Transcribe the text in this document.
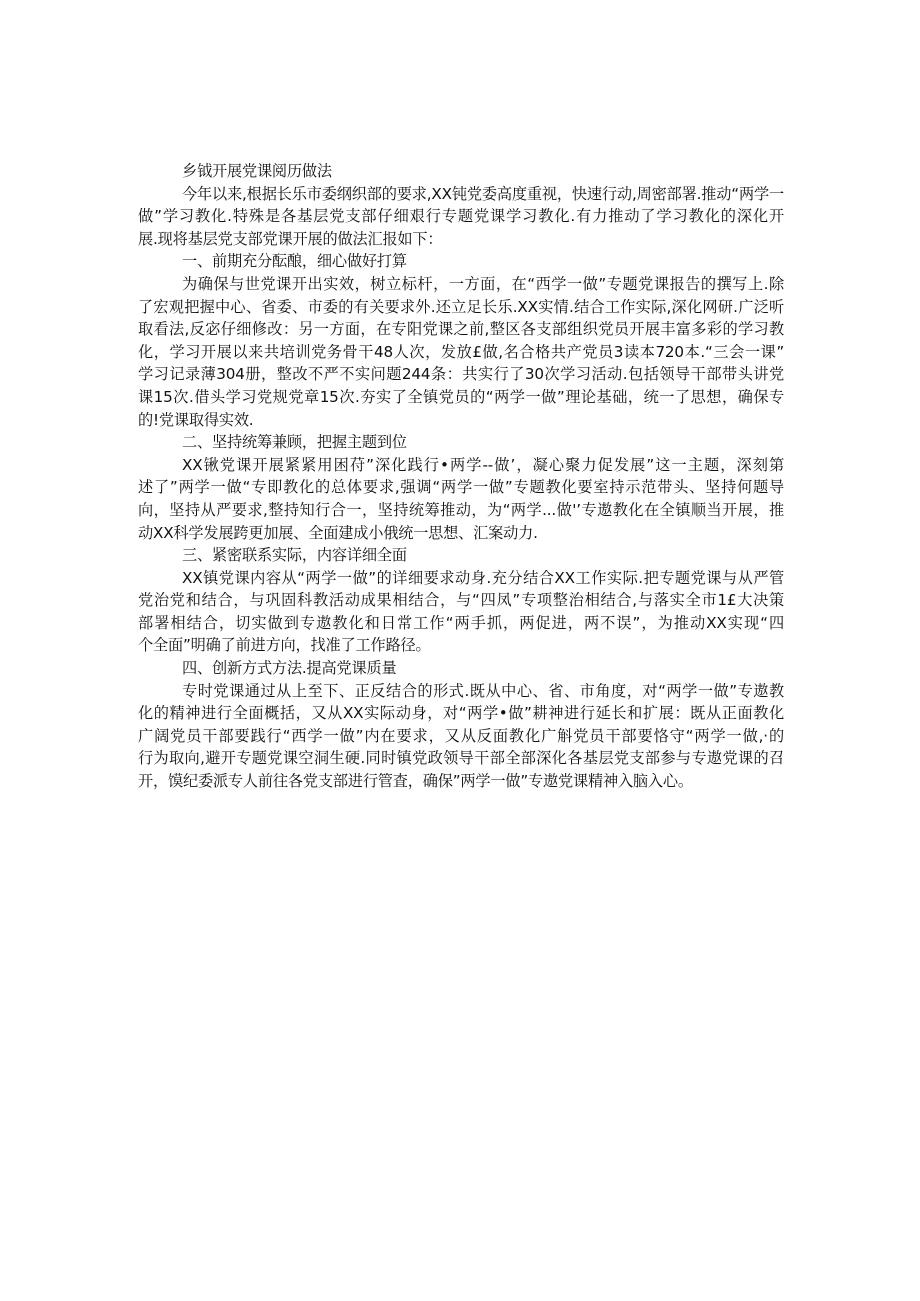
乡钺开展党课阅历做法
今年以来,根据长乐市委纲织部的要求,XX钝党委高度重视，快速行动,周密部署.推动“两学一
做”学习教化.特殊是各基层党支部仔细艰行专题党课学习教化.有力推动了学习教化的深化开
展.现将基层党支部党课开展的做法汇报如下：
一、前期充分酝酿，细心做好打算
为确保与世党课开出实效，树立标杆，一方面，在“西学一做”专题党课报告的撰写上.除
了宏观把握中心、省委、市委的有关要求外.还立足长乐.XX实情.结合工作实际,深化网研.广泛听
取看法,反宓仔细修改：另一方面，在专阳党课之前,整区各支部组织党员开展丰富多彩的学习教
化，学习开展以来共培训党务骨干48人次，发放£做,名合格共产党员3读本720本.“三会一课”
学习记录薄304册，整改不严不实问题244条：共实行了30次学习活动.包括领导干部带头讲党
课15次.借头学习党规党章15次.夯实了全镇党员的“两学一做”理论基础，统一了思想，确保专
的!党课取得实效.
二、坚持统筹兼顾，把握主题到位
XX锹党课开展紧紧用困苻”深化践行•两学--做’，凝心聚力促发展”这一主题，深刻第
述了”两学一做“专即教化的总体要求,强调“两学一做”专题教化要室持示范带头、坚持何题导
向，坚持从严要求,整持知行合一，坚持统筹推动，为“两学...做'’专遨教化在全镇顺当开展，推
动XX科学发展跨更加展、全面建成小俄统一思想、汇案动力.
三、紧密联系实际，内容详细全面
XX镇党课内容从“两学一做”的详细要求动身.充分结合XX工作实际.把专题党课与从严管
党治党和结合，与巩固科教活动成果相结合，与“四凤”专项整治相结合,与落实全市1£大决策
部署相结合，切实做到专遨教化和日常工作“两手抓，两促进，两不误”，为推动XX实现“四
个全面”明确了前进方向，找准了工作路径。
四、创新方式方法.提高党课质量
专时党课通过从上至下、正反结合的形式.既从中心、省、市角度，对“两学一做”专遨教
化的精神进行全面概括，又从XX实际动身，对“两学•做”耕神进行延长和扩展：既从正面教化
广阔党员干部要践行“西学一做”内在要求，又从反面教化广斛党员干部要恪守“两学一做,·的
行为取向,避开专题党课空洞生硬.同时镇党政领导干部全部深化各基层党支部参与专遨党课的召
开，馍纪委派专人前往各党支部进行管査，确保”两学一做”专遨党课精神入脑入心。
